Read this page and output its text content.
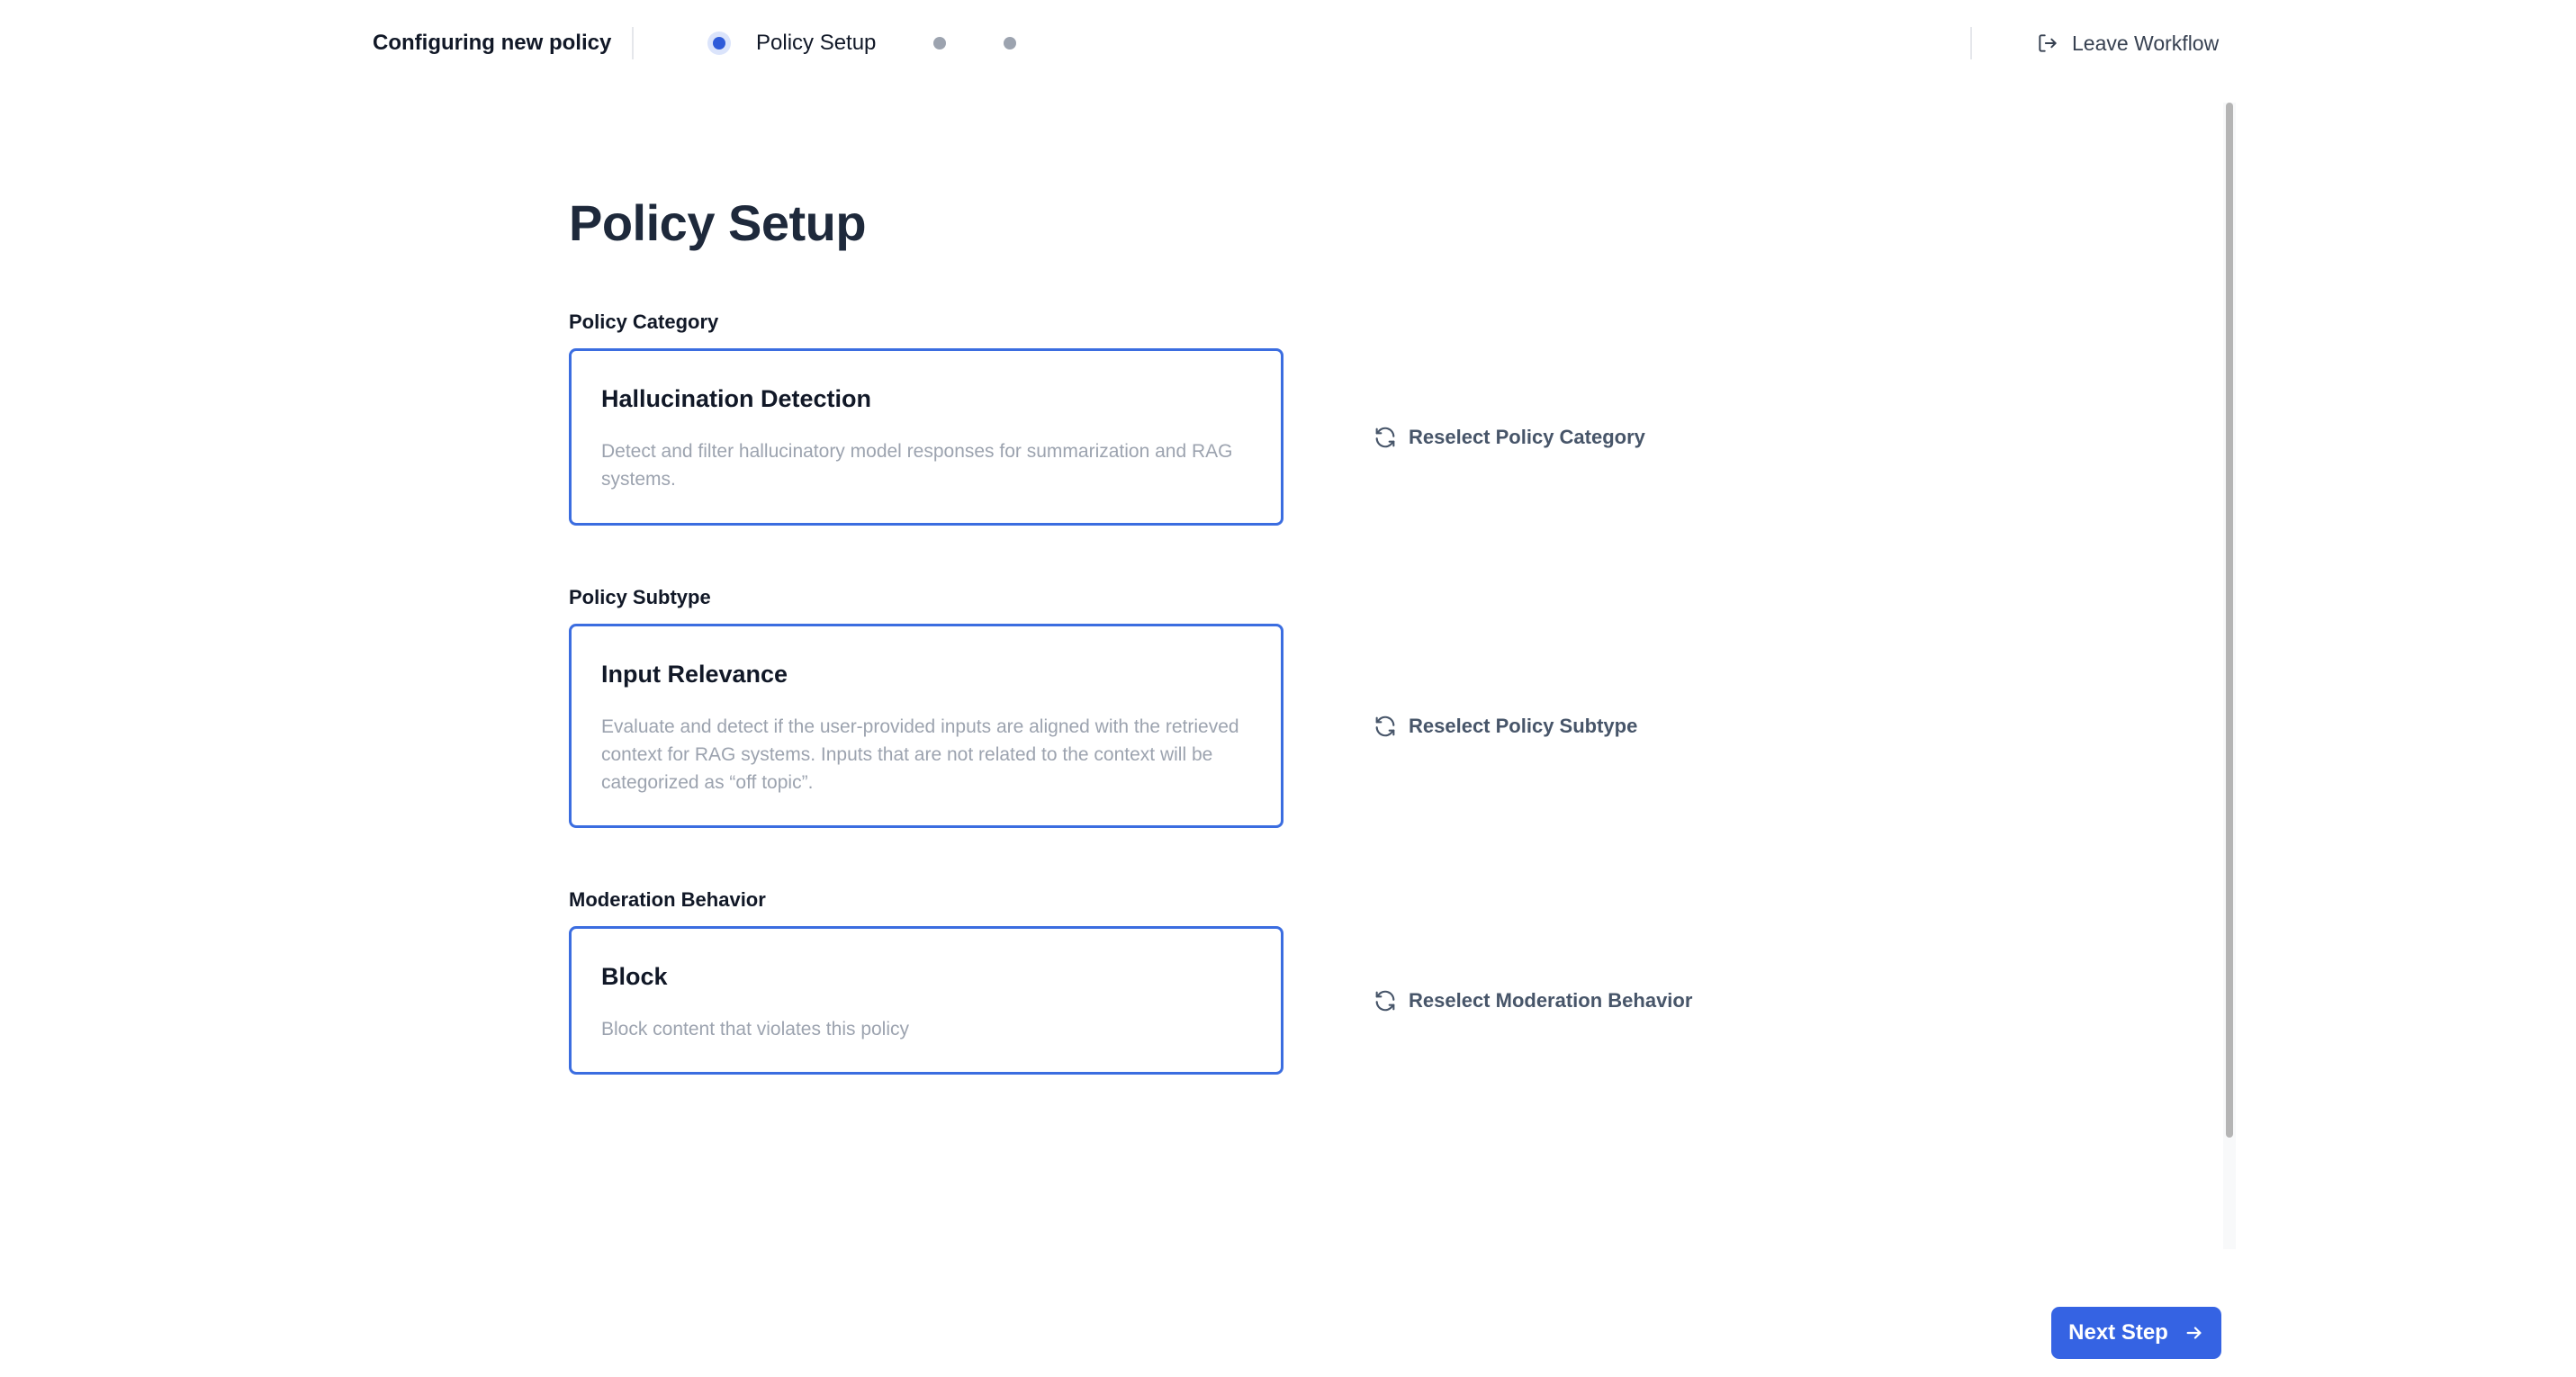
Configuring new policy	Policy Setup	Leave Workflow
Policy Setup
Policy Category
Hallucination Detection
Detect and filter hallucinatory model responses for summarization and RAG systems.
Reselect Policy Category
Policy Subtype
Input Relevance
Evaluate and detect if the user-provided inputs are aligned with the retrieved context for RAG systems. Inputs that are not related to the context will be categorized as “off topic”.
Reselect Policy Subtype
Moderation Behavior
Block
Block content that violates this policy
Reselect Moderation Behavior
Next Step
